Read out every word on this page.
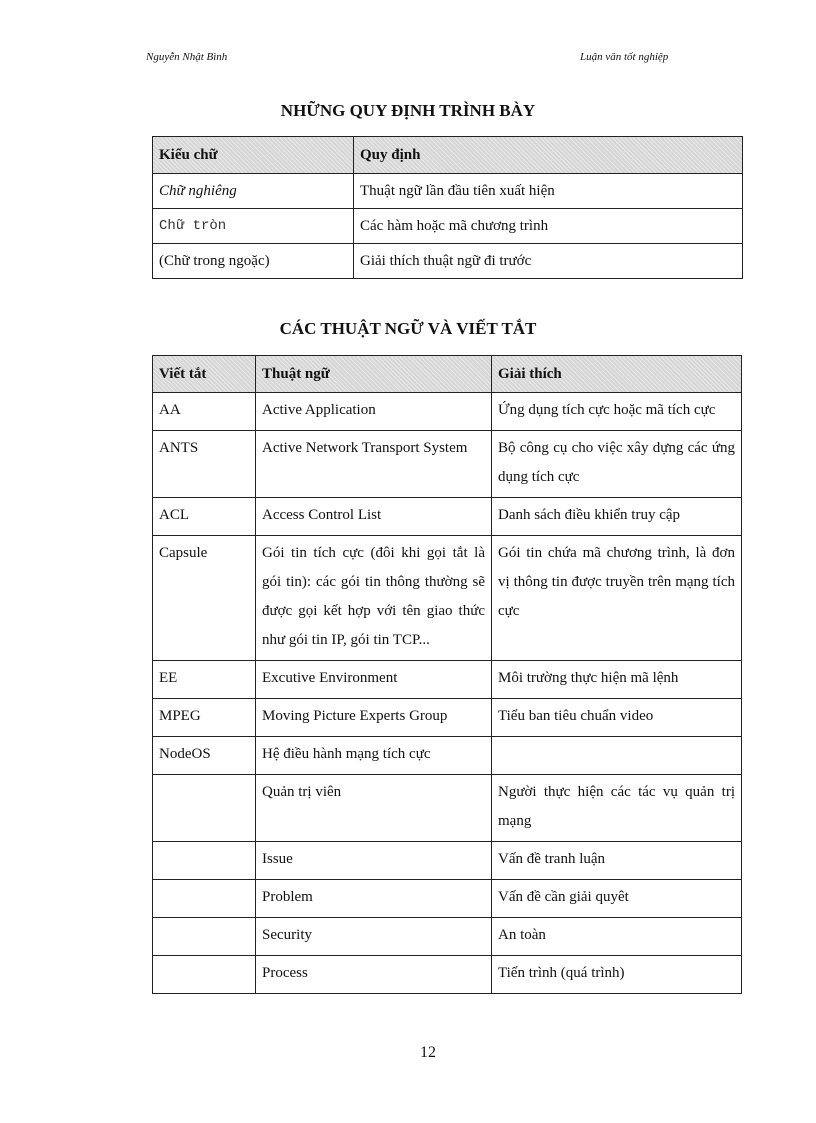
Nguyễn Nhật Bình	Luận văn tốt nghiệp
NHỮNG QUY ĐỊNH TRÌNH BÀY
Kiểu chữ	Quy định
Chữ nghiêng	Thuật ngữ lần đầu tiên xuất hiện
Chữ tròn	Các hàm hoặc mã chương trình
(Chữ trong ngoặc)	Giải thích thuật ngữ đi trước
CÁC THUẬT NGỮ VÀ VIẾT TẮT
Viết tắt	Thuật ngữ	Giải thích
AA	Active Application	Ứng dụng tích cực hoặc mã tích cực
ANTS	Active Network Transport System	Bộ công cụ cho việc xây dựng các ứng dụng tích cực
ACL	Access Control List	Danh sách điều khiển truy cập
Capsule	Gói tin tích cực (đôi khi gọi tắt là gói tin): các gói tin thông thường sẽ được gọi kết hợp với tên giao thức như gói tin IP, gói tin TCP...	Gói tin chứa mã chương trình, là đơn vị thông tin được truyền trên mạng tích cực
EE	Excutive Environment	Môi trường thực hiện mã lệnh
MPEG	Moving Picture Experts Group	Tiểu ban tiêu chuẩn video
NodeOS	Hệ điều hành mạng tích cực	
	Quản trị viên	Người thực hiện các tác vụ quản trị mạng
	Issue	Vấn đề tranh luận
	Problem	Vấn đề cần giải quyêt
	Security	An toàn
	Process	Tiến trình (quá trình)
12
